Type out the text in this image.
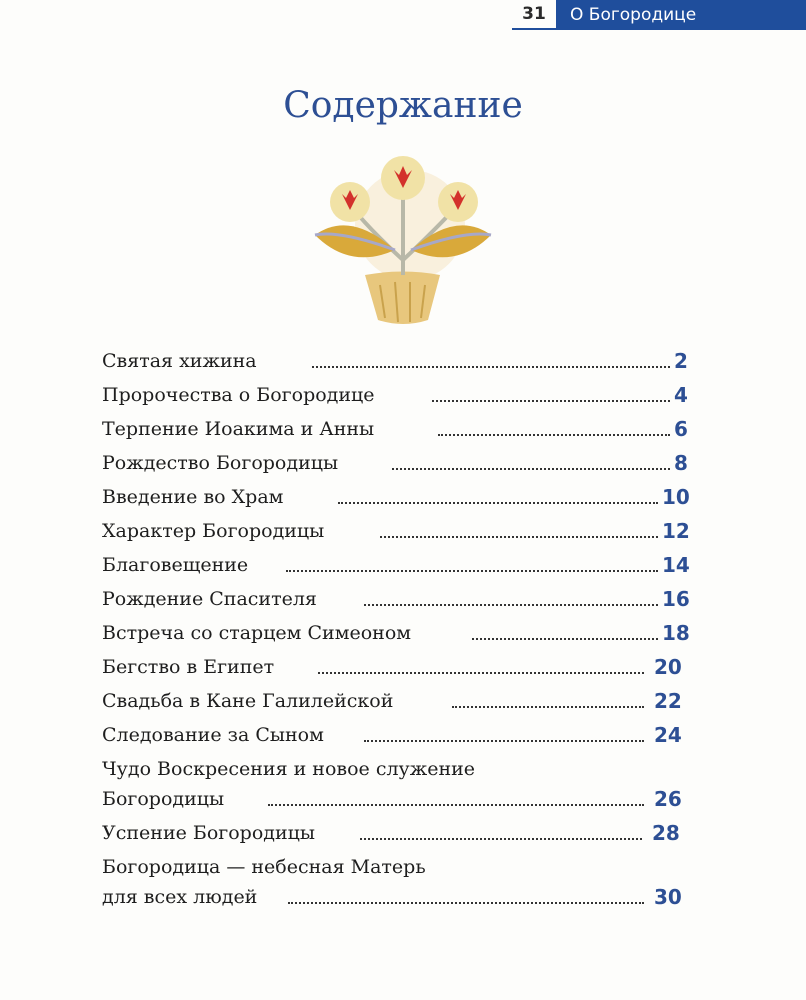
31	О Богородице
Содержание
Святая хижина	2
Пророчества о Богородице	4
Терпение Иоакима и Анны	6
Рождество Богородицы	8
Введение во Храм	10
Характер Богородицы	12
Благовещение	14
Рождение Спасителя	16
Встреча со старцем Симеоном	18
Бегство в Египет	20
Свадьба в Кане Галилейской	22
Следование за Сыном	24
Чудо Воскресения и новое служение
Богородицы	26
Успение Богородицы	28
Богородица — небесная Матерь
для всех людей	30
